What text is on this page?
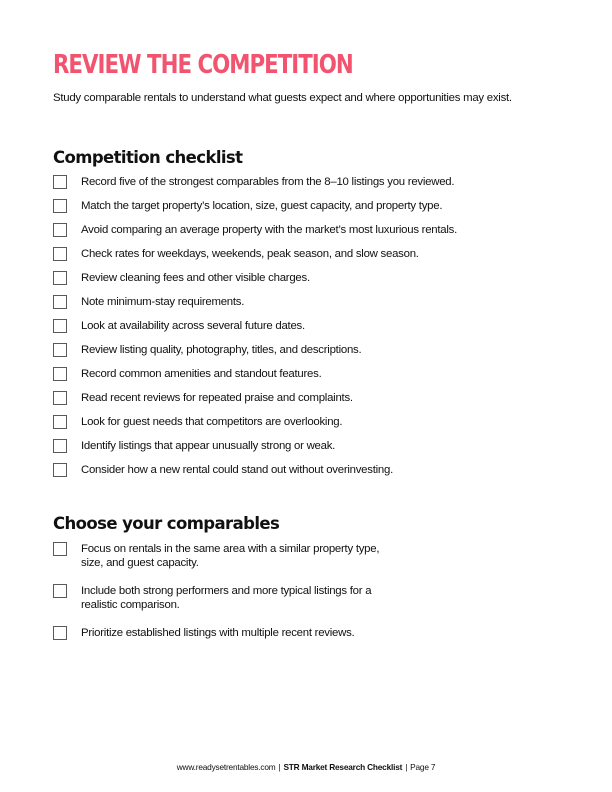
REVIEW THE COMPETITION

Study comparable rentals to understand what guests expect and where opportunities may exist.

Competition checklist
Record five of the strongest comparables from the 8–10 listings you reviewed.
Match the target property’s location, size, guest capacity, and property type.
Avoid comparing an average property with the market’s most luxurious rentals.
Check rates for weekdays, weekends, peak season, and slow season.
Review cleaning fees and other visible charges.
Note minimum-stay requirements.
Look at availability across several future dates.
Review listing quality, photography, titles, and descriptions.
Record common amenities and standout features.
Read recent reviews for repeated praise and complaints.
Look for guest needs that competitors are overlooking.
Identify listings that appear unusually strong or weak.
Consider how a new rental could stand out without overinvesting.
Choose your comparables
Focus on rentals in the same area with a similar property type,
size, and guest capacity.
Include both strong performers and more typical listings for a
realistic comparison.
Prioritize established listings with multiple recent reviews.
www.readysetrentables.com | STR Market Research Checklist | Page 7
